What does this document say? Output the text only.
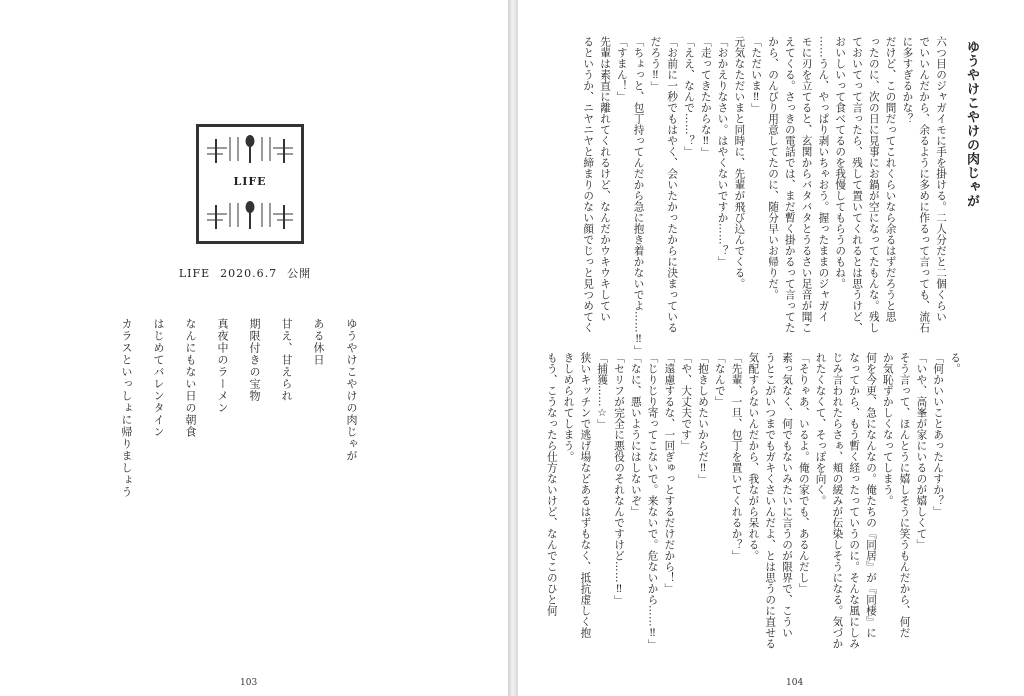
LIFE
LIFE 2020.6.7 公開
ゆうやけこやけの肉じゃが
ある休日
甘え、甘えられ
期限付きの宝物
真夜中のラーメン
なんにもない日の朝食
はじめてバレンタイン
カラスといっしょに帰りましょう
103	104
ゆうやけこやけの肉じゃが
六つ目のジャガイモに手を掛ける。二人分だと二個くらい
でいいんだから、余るように多めに作るって言っても、流石
に多すぎるかな？
だけど、この間だってこれくらいなら余るはずだろうと思
ったのに、次の日に見事にお鍋が空になってたもんな。残し
ておいてって言ったら、残して置いてくれるとは思うけど、
おいしいって食べてるのを我慢してもらうのもね。
……うん、やっぱり剥いちゃおう。握ったままのジャガイ
モに刃を立てると、玄関からバタバタとうるさい足音が聞こ
えてくる。さっきの電話では、まだ暫く掛かるって言ってた
から、のんびり用意してたのに、随分早いお帰りだ。
「ただいま‼」
元気なただいまと同時に、先輩が飛び込んでくる。
「おかえりなさい。はやくないですか……？」
「走ってきたからな‼」
「ええ、なんで……？」
「お前に一秒でもはやく、会いたかったからに決まっている
だろう‼」
「ちょっと、包丁持ってんだから急に抱き着かないでよ……‼」
「すまん！」
先輩は素直に離れてくれるけど、なんだかウキウキしてい
るというか、ニヤニヤと締まりのない顔でじっと見つめてく
る。
「何かいいことあったんすか？」
「いや、高峯が家にいるのが嬉しくて」
そう言って、ほんとうに嬉しそうに笑うもんだから、何だ
か気恥ずかしくなってしまう。
何を今更、急になんなの。俺たちの『同居』が『同棲』に
なってから、もう暫く経ったっていうのに。そんな風にしみ
じみ言われたらさぁ、頬の緩みが伝染しそうになる。気づか
れたくなくて、そっぽを向く。
「そりゃあ、いるよ。俺の家でも、あるんだし」
素っ気なく、何でもないみたいに言うのが限界で、こうい
うとこがいつまでもガキくさいんだよ、とは思うのに直せる
気配すらないんだから、我ながら呆れる。
「先輩、一旦、包丁を置いてくれるか？」
「なんで」
「抱きしめたいからだ‼」
「や、大丈夫です」
「遠慮するな、一回ぎゅっとするだけだから！」
「じりじり寄ってこないで。来ないで。危ないから……‼」
「なに、悪いようにはしないぞ」
「セリフが完全に悪役のそれなんですけど……‼」
「捕獲……☆」
狭いキッチンで逃げ場などあるはずもなく、抵抗虚しく抱
きしめられてしまう。
もう、こうなったら仕方ないけど、なんでこのひと何
